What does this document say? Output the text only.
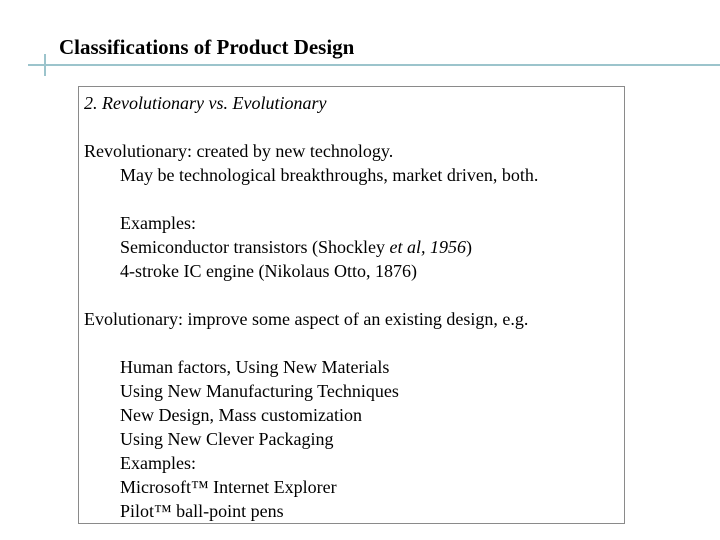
Classifications of Product Design
2. Revolutionary vs. Evolutionary
Revolutionary: created by new technology.
May be technological breakthroughs, market driven, both.
Examples:
Semiconductor transistors (Shockley et al, 1956)
4-stroke IC engine (Nikolaus Otto, 1876)
Evolutionary: improve some aspect of an existing design, e.g.
Human factors, Using New Materials
Using New Manufacturing Techniques
New Design, Mass customization
Using New Clever Packaging
Examples:
Microsoft™ Internet Explorer
Pilot™ ball-point pens
